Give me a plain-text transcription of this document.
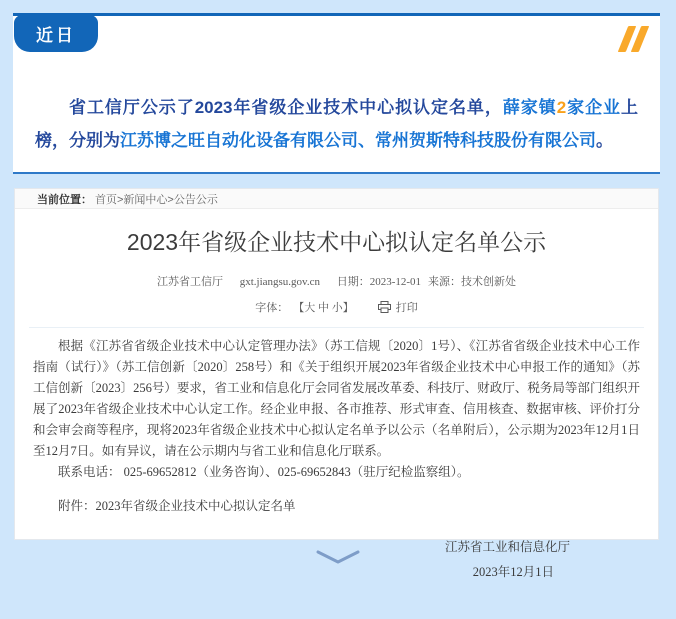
近日

省工信厅公示了2023年省级企业技术中心拟认定名单，薛家镇2家企业上榜，分别为江苏博之旺自动化设备有限公司、常州贺斯特科技股份有限公司。

当前位置： 首页>新闻中心>公告公示
2023年省级企业技术中心拟认定名单公示
江苏省工信厅 gxt.jiangsu.gov.cn 日期：2023-12-01 来源：技术创新处
字体： 【大 中 小】	打印

根据《江苏省省级企业技术中心认定管理办法》（苏工信规〔2020〕1号）、《江苏省省级企业技术中心工作指南（试行）》（苏工信创新〔2020〕258号）和《关于组织开展2023年省级企业技术中心申报工作的通知》（苏工信创新〔2023〕256号）要求，省工业和信息化厅会同省发展改革委、科技厅、财政厅、税务局等部门组织开展了2023年省级企业技术中心认定工作。经企业申报、各市推荐、形式审查、信用核查、数据审核、评价打分和会审会商等程序，现将2023年省级企业技术中心拟认定名单予以公示（名单附后），公示期为2023年12月1日至12月7日。如有异议，请在公示期内与省工业和信息化厅联系。

联系电话： 025-69652812（业务咨询）、025-69652843（驻厅纪检监察组）。

附件：2023年省级企业技术中心拟认定名单

江苏省工业和信息化厅
2023年12月1日
